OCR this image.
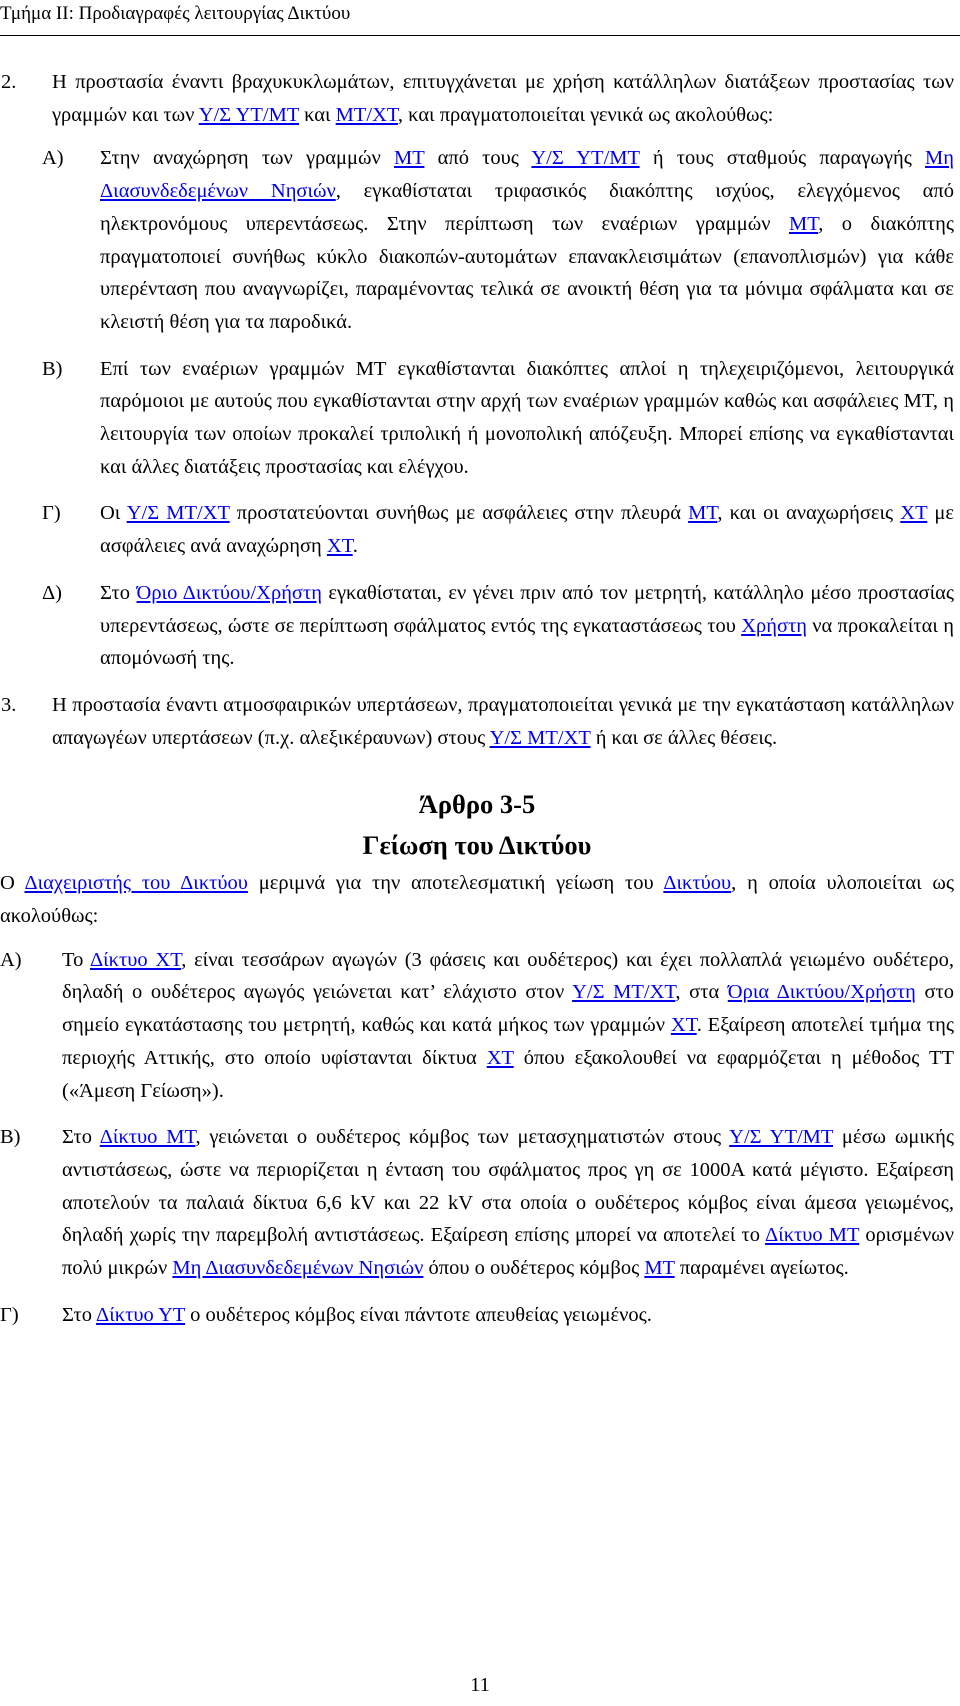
Τμήμα ΙΙ: Προδιαγραφές λειτουργίας Δικτύου
2. Η προστασία έναντι βραχυκυκλωμάτων, επιτυγχάνεται με χρήση κατάλληλων διατάξεων προστασίας των γραμμών και των Υ/Σ ΥΤ/ΜΤ και ΜΤ/ΧΤ, και πραγματοποιείται γενικά ως ακολούθως:
Α) Στην αναχώρηση των γραμμών ΜΤ από τους Υ/Σ ΥΤ/ΜΤ ή τους σταθμούς παραγωγής Μη Διασυνδεδεμένων Νησιών, εγκαθίσταται τριφασικός διακόπτης ισχύος, ελεγχόμενος από ηλεκτρονόμους υπερεντάσεως. Στην περίπτωση των εναέριων γραμμών ΜΤ, ο διακόπτης πραγματοποιεί συνήθως κύκλο διακοπών-αυτομάτων επανακλεισιμάτων (επανοπλισμών) για κάθε υπερένταση που αναγνωρίζει, παραμένοντας τελικά σε ανοικτή θέση για τα μόνιμα σφάλματα και σε κλειστή θέση για τα παροδικά.
Β) Επί των εναέριων γραμμών ΜΤ εγκαθίστανται διακόπτες απλοί η τηλεχειριζόμενοι, λειτουργικά παρόμοιοι με αυτούς που εγκαθίστανται στην αρχή των εναέριων γραμμών καθώς και ασφάλειες ΜΤ, η λειτουργία των οποίων προκαλεί τριπολική ή μονοπολική απόζευξη. Μπορεί επίσης να εγκαθίστανται και άλλες διατάξεις προστασίας και ελέγχου.
Γ) Οι Υ/Σ ΜΤ/ΧΤ προστατεύονται συνήθως με ασφάλειες στην πλευρά ΜΤ, και οι αναχωρήσεις ΧΤ με ασφάλειες ανά αναχώρηση ΧΤ.
Δ) Στο Όριο Δικτύου/Χρήστη εγκαθίσταται, εν γένει πριν από τον μετρητή, κατάλληλο μέσο προστασίας υπερεντάσεως, ώστε σε περίπτωση σφάλματος εντός της εγκαταστάσεως του Χρήστη να προκαλείται η απομόνωσή της.
3. Η προστασία έναντι ατμοσφαιρικών υπερτάσεων, πραγματοποιείται γενικά με την εγκατάσταση κατάλληλων απαγωγέων υπερτάσεων (π.χ. αλεξικέραυνων) στους Υ/Σ ΜΤ/ΧΤ ή και σε άλλες θέσεις.

Άρθρο 3-5

Γείωση του Δικτύου

Ο Διαχειριστής του Δικτύου μεριμνά για την αποτελεσματική γείωση του Δικτύου, η οποία υλοποιείται ως ακολούθως:

Α) Το Δίκτυο ΧΤ, είναι τεσσάρων αγωγών (3 φάσεις και ουδέτερος) και έχει πολλαπλά γειωμένο ουδέτερο, δηλαδή ο ουδέτερος αγωγός γειώνεται κατ’ ελάχιστο στον Υ/Σ ΜΤ/ΧΤ, στα Όρια Δικτύου/Χρήστη στο σημείο εγκατάστασης του μετρητή, καθώς και κατά μήκος των γραμμών ΧΤ. Εξαίρεση αποτελεί τμήμα της περιοχής Αττικής, στο οποίο υφίστανται δίκτυα ΧΤ όπου εξακολουθεί να εφαρμόζεται η μέθοδος ΤΤ («Άμεση Γείωση»).
Β) Στο Δίκτυο ΜΤ, γειώνεται ο ουδέτερος κόμβος των μετασχηματιστών στους Υ/Σ ΥΤ/ΜΤ μέσω ωμικής αντιστάσεως, ώστε να περιορίζεται η ένταση του σφάλματος προς γη σε 1000Α κατά μέγιστο. Εξαίρεση αποτελούν τα παλαιά δίκτυα 6,6 kV και 22 kV στα οποία ο ουδέτερος κόμβος είναι άμεσα γειωμένος, δηλαδή χωρίς την παρεμβολή αντιστάσεως. Εξαίρεση επίσης μπορεί να αποτελεί το Δίκτυο ΜΤ ορισμένων πολύ μικρών Μη Διασυνδεδεμένων Νησιών όπου ο ουδέτερος κόμβος ΜΤ παραμένει αγείωτος.
Γ) Στο Δίκτυο ΥΤ ο ουδέτερος κόμβος είναι πάντοτε απευθείας γειωμένος.
11
